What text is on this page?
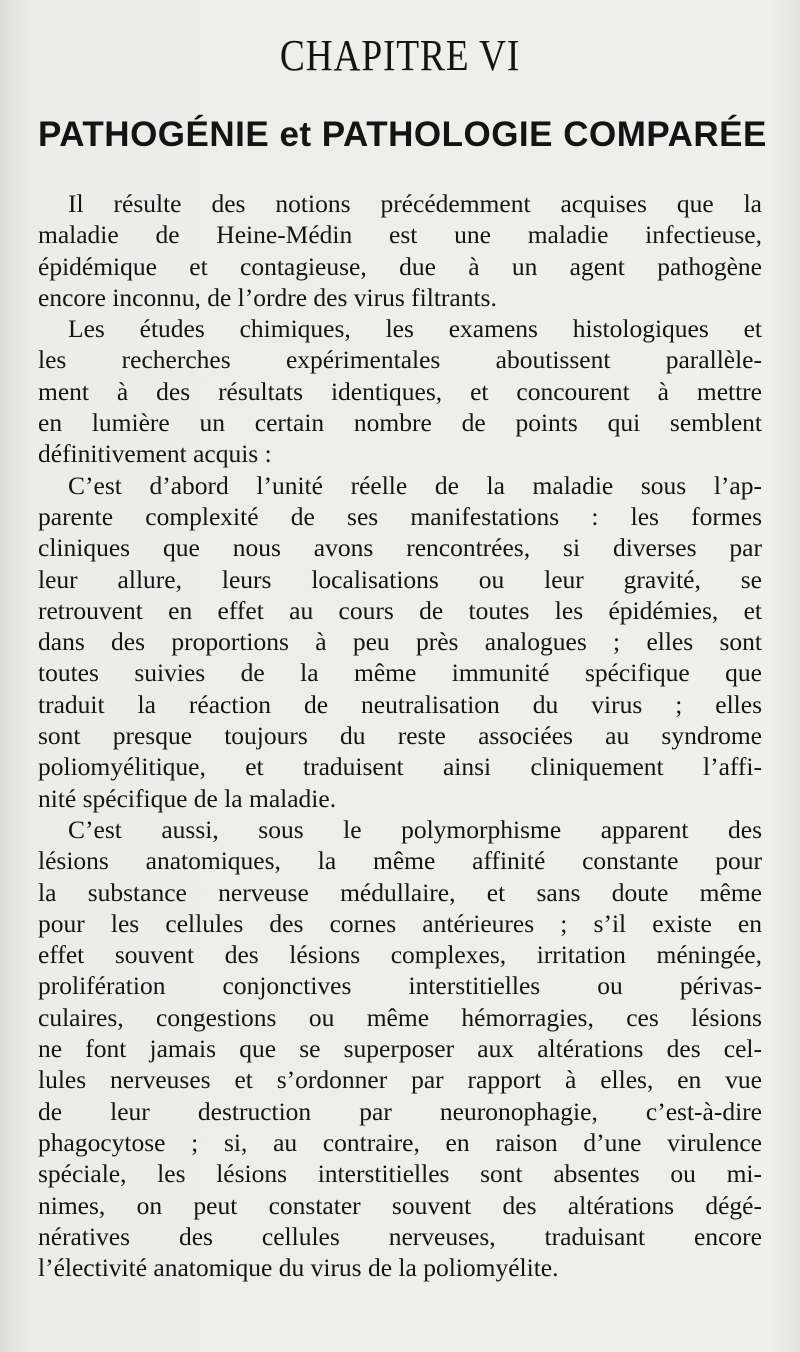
CHAPITRE VI
PATHOGÉNIE et PATHOLOGIE COMPARÉE
Il résulte des notions précédemment acquises que la
maladie de Heine-Médin est une maladie infectieuse,
épidémique et contagieuse, due à un agent pathogène
encore inconnu, de l’ordre des virus filtrants.
Les études chimiques, les examens histologiques et
les recherches expérimentales aboutissent parallèle-
ment à des résultats identiques, et concourent à mettre
en lumière un certain nombre de points qui semblent
définitivement acquis :
C’est d’abord l’unité réelle de la maladie sous l’ap-
parente complexité de ses manifestations : les formes
cliniques que nous avons rencontrées, si diverses par
leur allure, leurs localisations ou leur gravité, se
retrouvent en effet au cours de toutes les épidémies, et
dans des proportions à peu près analogues ; elles sont
toutes suivies de la même immunité spécifique que
traduit la réaction de neutralisation du virus ; elles
sont presque toujours du reste associées au syndrome
poliomyélitique, et traduisent ainsi cliniquement l’affi-
nité spécifique de la maladie.
C’est aussi, sous le polymorphisme apparent des
lésions anatomiques, la même affinité constante pour
la substance nerveuse médullaire, et sans doute même
pour les cellules des cornes antérieures ; s’il existe en
effet souvent des lésions complexes, irritation méningée,
prolifération conjonctives interstitielles ou périvas-
culaires, congestions ou même hémorragies, ces lésions
ne font jamais que se superposer aux altérations des cel-
lules nerveuses et s’ordonner par rapport à elles, en vue
de leur destruction par neuronophagie, c’est-à-dire
phagocytose ; si, au contraire, en raison d’une virulence
spéciale, les lésions interstitielles sont absentes ou mi-
nimes, on peut constater souvent des altérations dégé-
nératives des cellules nerveuses, traduisant encore
l’électivité anatomique du virus de la poliomyélite.
